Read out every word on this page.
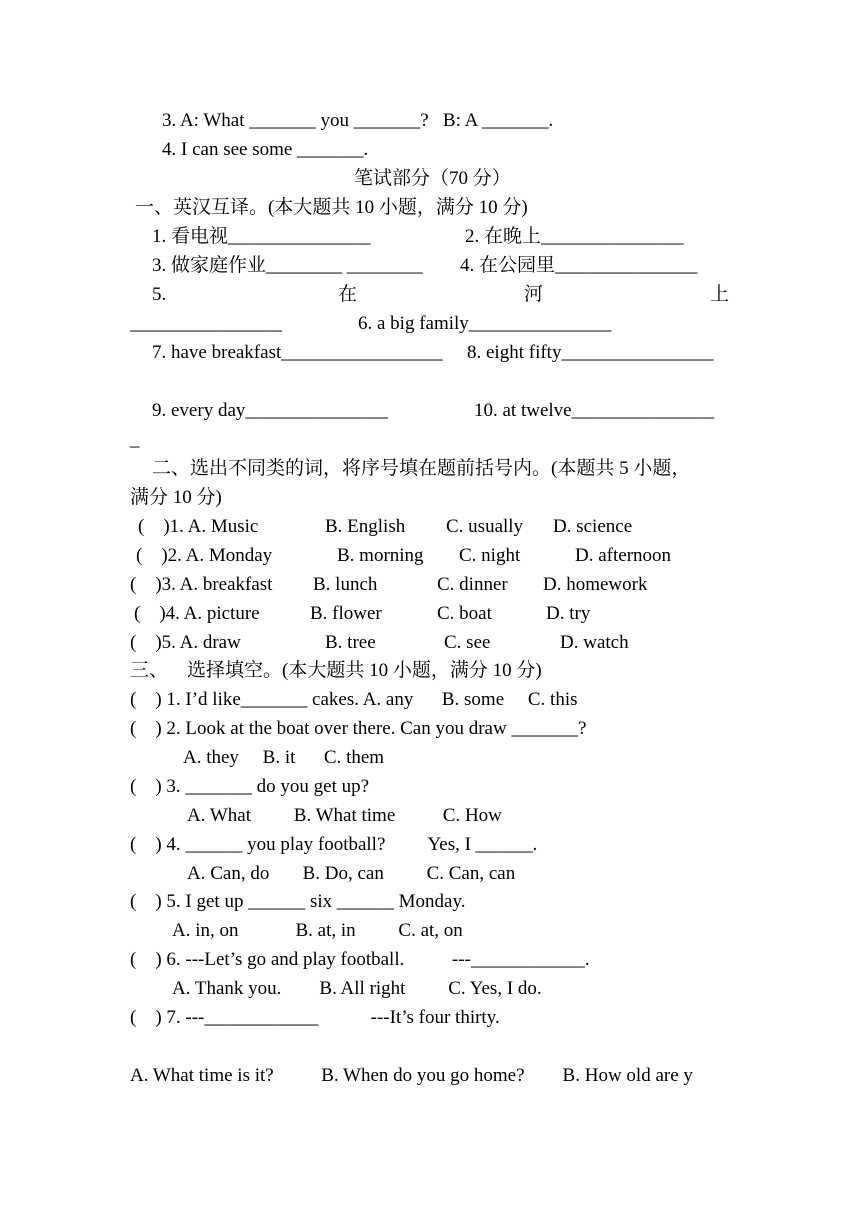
3. A: What _______ you _______?   B: A _______.
4. I can see some _______.
笔试部分（70 分）
一、英汉互译。(本大题共 10 小题，满分 10 分)
1. 看电视_______________	2. 在晚上_______________
3. 做家庭作业________ ________ 4. 在公园里_______________
5.	在	河	上
________________	6. a big family_______________
7. have breakfast_________________ 8. eight fifty________________
9. every day_______________	10. at twelve_______________
_
二、选出不同类的词，将序号填在题前括号内。(本题共 5 小题，
满分 10 分)
(    )1. A. Music	B. English C. usually D. science
(    )2. A. Monday	B. morning C. night	D. afternoon
(    )3. A. breakfast B. lunch	C. dinner D. homework
(    )4. A. picture	B. flower	C. boat	D. try
(    )5. A. draw	B. tree	C. see	D. watch
三、    选择填空。(本大题共 10 小题，满分 10 分)
(    ) 1. I’d like_______ cakes. A. any      B. some     C. this
(    ) 2. Look at the boat over there. Can you draw _______?
A. they     B. it      C. them
(    ) 3. _______ do you get up?
A. What         B. What time          C. How
(    ) 4. ______ you play football?         Yes, I ______.
A. Can, do       B. Do, can         C. Can, can
(    ) 5. I get up ______ six ______ Monday.
A. in, on            B. at, in         C. at, on
(    ) 6. ---Let’s go and play football.          ---____________.
A. Thank you.        B. All right         C. Yes, I do.
(    ) 7. ---____________           ---It’s four thirty.
A. What time is it?          B. When do you go home?        B. How old are y
